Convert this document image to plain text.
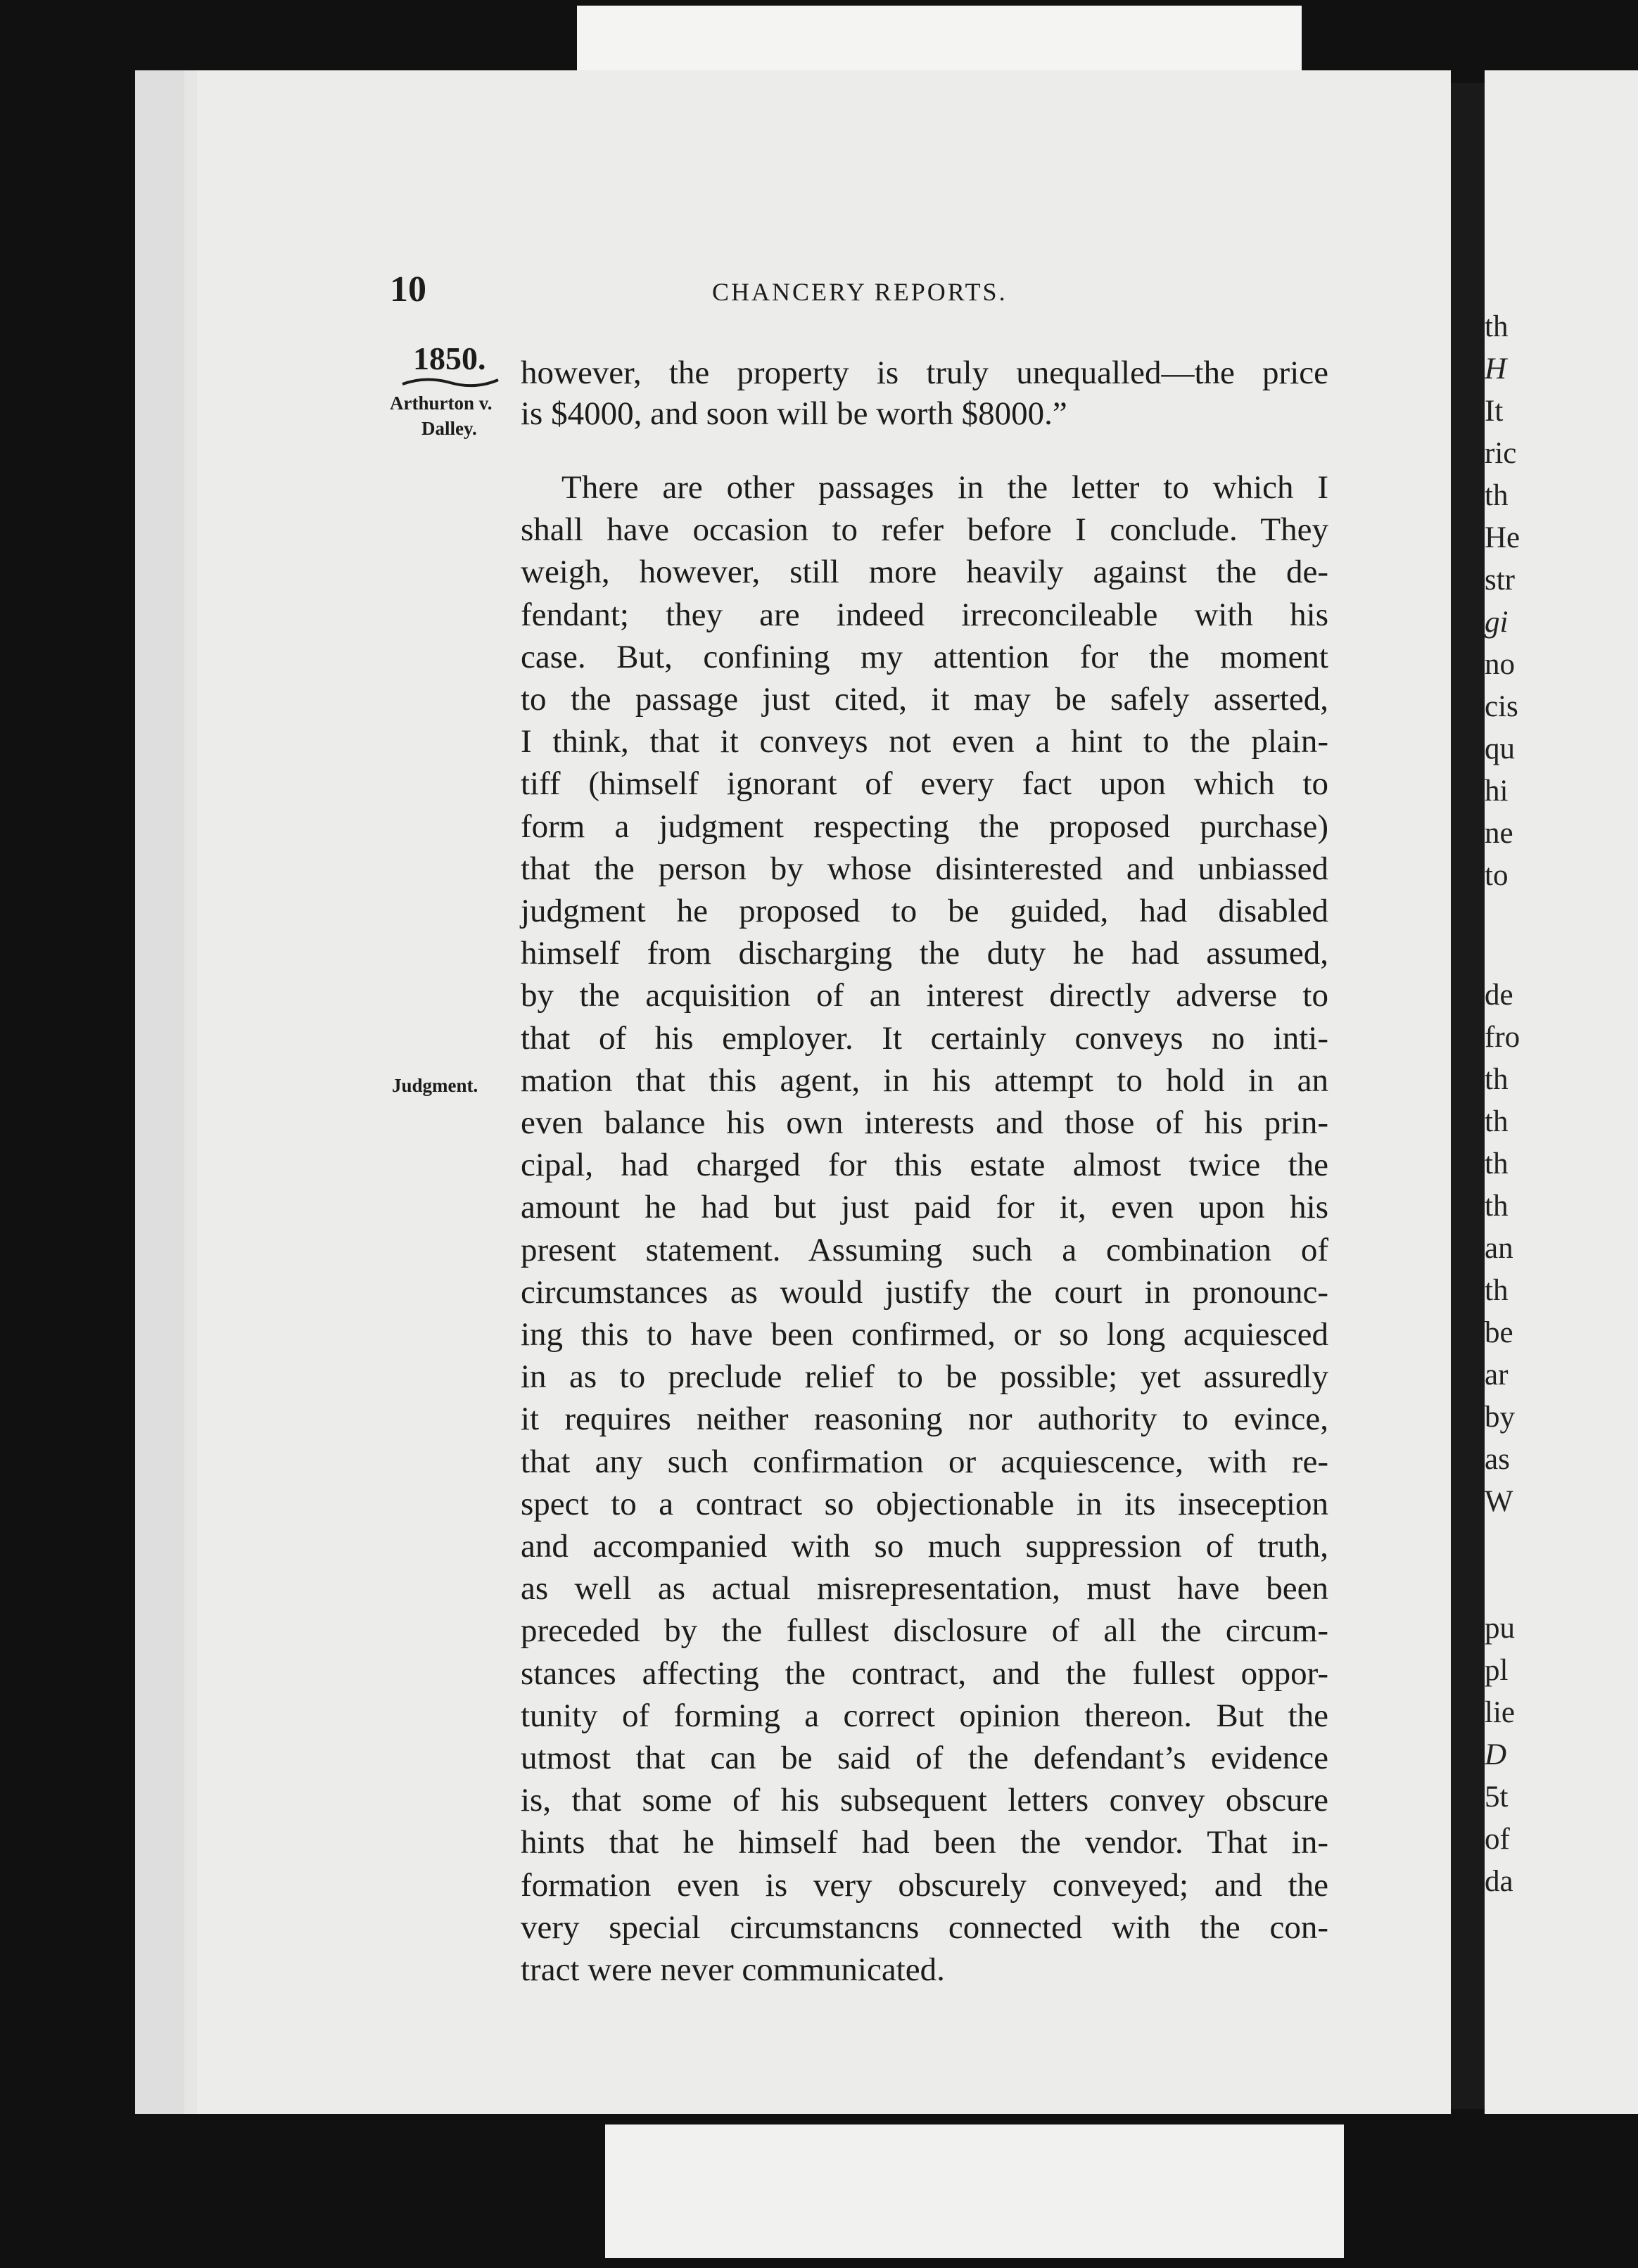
th
H
It
ric
th
He
str
gi
no
cis
qu
hi
ne
to
de
fro
th
th
th
th
an
th
be
ar
by
as
W
pu
pl
lie
D
5t
of
da
10	CHANCERY REPORTS.
1850.
Arthurton v.
Dalley.
Judgment.
however, the property is truly unequalled—the price
is $4000, and soon will be worth $8000.”
There are other passages in the letter to which I
shall have occasion to refer before I conclude. They
weigh, however, still more heavily against the de-
fendant; they are indeed irreconcileable with his
case. But, confining my attention for the moment
to the passage just cited, it may be safely asserted,
I think, that it conveys not even a hint to the plain-
tiff (himself ignorant of every fact upon which to
form a judgment respecting the proposed purchase)
that the person by whose disinterested and unbiassed
judgment he proposed to be guided, had disabled
himself from discharging the duty he had assumed,
by the acquisition of an interest directly adverse to
that of his employer. It certainly conveys no inti-
mation that this agent, in his attempt to hold in an
even balance his own interests and those of his prin-
cipal, had charged for this estate almost twice the
amount he had but just paid for it, even upon his
present statement. Assuming such a combination of
circumstances as would justify the court in pronounc-
ing this to have been confirmed, or so long acquiesced
in as to preclude relief to be possible; yet assuredly
it requires neither reasoning nor authority to evince,
that any such confirmation or acquiescence, with re-
spect to a contract so objectionable in its inseception
and accompanied with so much suppression of truth,
as well as actual misrepresentation, must have been
preceded by the fullest disclosure of all the circum-
stances affecting the contract, and the fullest oppor-
tunity of forming a correct opinion thereon. But the
utmost that can be said of the defendant’s evidence
is, that some of his subsequent letters convey obscure
hints that he himself had been the vendor. That in-
formation even is very obscurely conveyed; and the
very special circumstancns connected with the con-
tract were never communicated.
